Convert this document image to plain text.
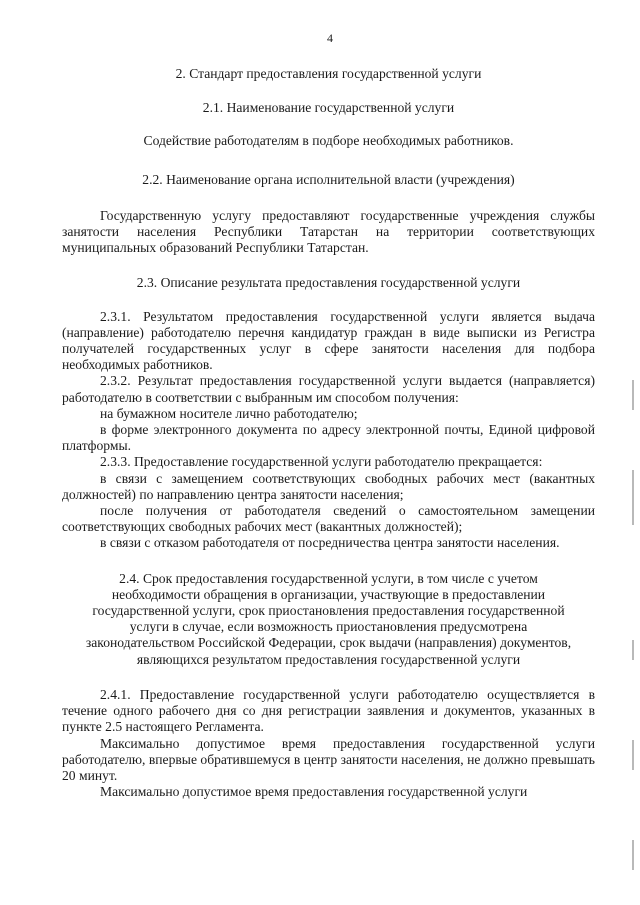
4

2. Стандарт предоставления государственной услуги

2.1. Наименование государственной услуги

Содействие работодателям в подборе необходимых работников.

2.2. Наименование органа исполнительной власти (учреждения)

Государственную услугу предоставляют государственные учреждения службы занятости населения Республики Татарстан на территории соответствующих муниципальных образований Республики Татарстан.

2.3. Описание результата предоставления государственной услуги

2.3.1. Результатом предоставления государственной услуги является выдача (направление) работодателю перечня кандидатур граждан в виде выписки из Регистра получателей государственных услуг в сфере занятости населения для подбора необходимых работников.

2.3.2. Результат предоставления государственной услуги выдается (направляется) работодателю в соответствии с выбранным им способом получения:

на бумажном носителе лично работодателю;

в форме электронного документа по адресу электронной почты, Единой цифровой платформы.

2.3.3. Предоставление государственной услуги работодателю прекращается:

в связи с замещением соответствующих свободных рабочих мест (вакантных должностей) по направлению центра занятости населения;

после получения от работодателя сведений о самостоятельном замещении соответствующих свободных рабочих мест (вакантных должностей);

в связи с отказом работодателя от посредничества центра занятости населения.

2.4. Срок предоставления государственной услуги, в том числе с учетом необходимости обращения в организации, участвующие в предоставлении государственной услуги, срок приостановления предоставления государственной услуги в случае, если возможность приостановления предусмотрена законодательством Российской Федерации, срок выдачи (направления) документов, являющихся результатом предоставления государственной услуги

2.4.1. Предоставление государственной услуги работодателю осуществляется в течение одного рабочего дня со дня регистрации заявления и документов, указанных в пункте 2.5 настоящего Регламента.

Максимально допустимое время предоставления государственной услуги работодателю, впервые обратившемуся в центр занятости населения, не должно превышать 20 минут.

Максимально допустимое время предоставления государственной услуги
